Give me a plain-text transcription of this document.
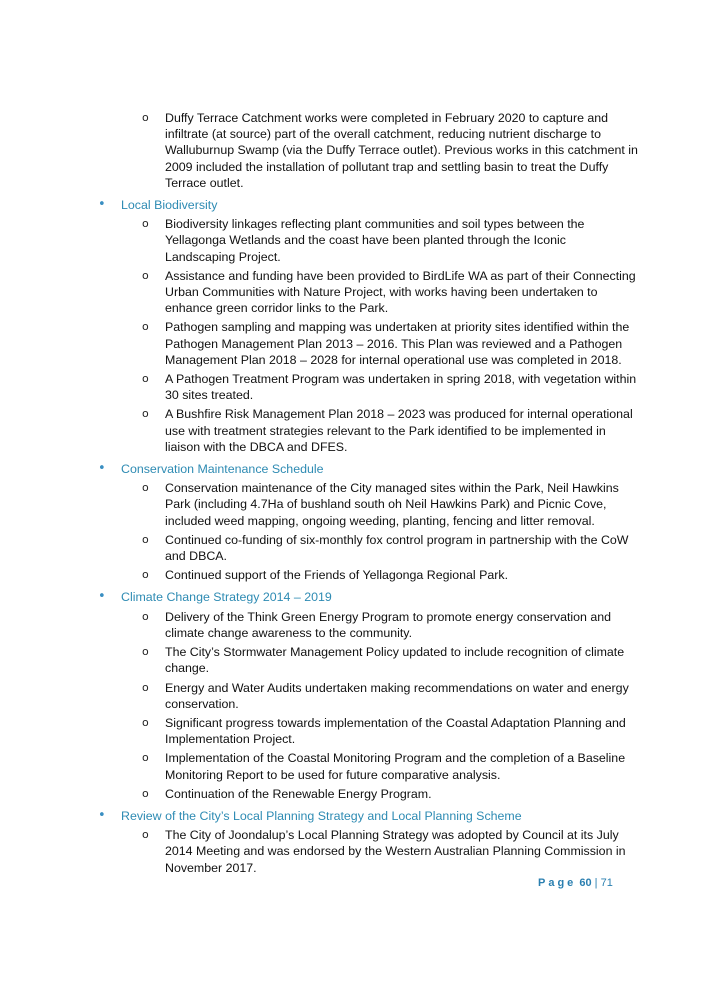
o Duffy Terrace Catchment works were completed in February 2020 to capture and infiltrate (at source) part of the overall catchment, reducing nutrient discharge to Walluburnup Swamp (via the Duffy Terrace outlet). Previous works in this catchment in 2009 included the installation of pollutant trap and settling basin to treat the Duffy Terrace outlet.
• Local Biodiversity
o Biodiversity linkages reflecting plant communities and soil types between the Yellagonga Wetlands and the coast have been planted through the Iconic Landscaping Project.
o Assistance and funding have been provided to BirdLife WA as part of their Connecting Urban Communities with Nature Project, with works having been undertaken to enhance green corridor links to the Park.
o Pathogen sampling and mapping was undertaken at priority sites identified within the Pathogen Management Plan 2013 – 2016. This Plan was reviewed and a Pathogen Management Plan 2018 – 2028 for internal operational use was completed in 2018.
o A Pathogen Treatment Program was undertaken in spring 2018, with vegetation within 30 sites treated.
o A Bushfire Risk Management Plan 2018 – 2023 was produced for internal operational use with treatment strategies relevant to the Park identified to be implemented in liaison with the DBCA and DFES.
• Conservation Maintenance Schedule
o Conservation maintenance of the City managed sites within the Park, Neil Hawkins Park (including 4.7Ha of bushland south oh Neil Hawkins Park) and Picnic Cove, included weed mapping, ongoing weeding, planting, fencing and litter removal.
o Continued co-funding of six-monthly fox control program in partnership with the CoW and DBCA.
o Continued support of the Friends of Yellagonga Regional Park.
• Climate Change Strategy 2014 – 2019
o Delivery of the Think Green Energy Program to promote energy conservation and climate change awareness to the community.
o The City’s Stormwater Management Policy updated to include recognition of climate change.
o Energy and Water Audits undertaken making recommendations on water and energy conservation.
o Significant progress towards implementation of the Coastal Adaptation Planning and Implementation Project.
o Implementation of the Coastal Monitoring Program and the completion of a Baseline Monitoring Report to be used for future comparative analysis.
o Continuation of the Renewable Energy Program.
• Review of the City’s Local Planning Strategy and Local Planning Scheme
o The City of Joondalup’s Local Planning Strategy was adopted by Council at its July 2014 Meeting and was endorsed by the Western Australian Planning Commission in November 2017.
Page 60 | 71
